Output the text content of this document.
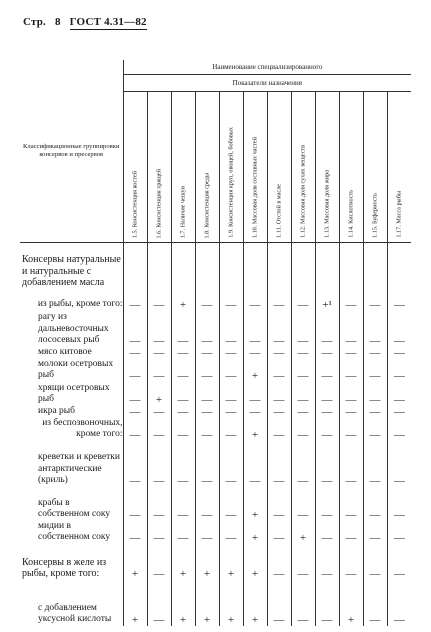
Стр. 8 ГОСТ 4.31—82
Классификационные группировки консервов и пресервов	Наименование специализированного											
	Показатели назначения											

	1.5. Консистенция костей	1.6. Консистенция хрящей	1.7. Наличие чешуи	1.8. Консистенция среды	1.9. Консистенция круп, овощей, бобовых	1.10. Массовая доля составных частей	1.11. Отстой в масле	1.12. Массовая доля сухих веществ	1.13. Массовая доля жира	1.14. Кислотность	1.15. Буферность	1.17. Масса рыбы

Консервы натуральные и натуральные с добавлением масла												
из рыбы, кроме того:	—	—	+	—	—	—	—	—	+¹	—	—	—
рагу из дальневосточных лососевых рыб	—	—	—	—	—	—	—	—	—	—	—	—
мясо китовое	—	—	—	—	—	—	—	—	—	—	—	—
молоки осетровых рыб	—	—	—	—	—	+	—	—	—	—	—	—
хрящи осетровых рыб	—	+	—	—	—	—	—	—	—	—	—	—
икра рыб	—	—	—	—	—	—	—	—	—	—	—	—
из беспозвоночных, кроме того:	—	—	—	—	—	+	—	—	—	—	—	—
креветки и креветки антарктические (криль)	—	—	—	—	—	—	—	—	—	—	—	—
крабы в собственном соку	—	—	—	—	—	+	—	—	—	—	—	—
мидии в собственном соку	—	—	—	—	—	+	—	+	—	—	—	—
Консервы в желе из рыбы, кроме того:	+	—	+	+	+	+	—	—	—	—	—	—
с добавлением уксусной кислоты	+	—	+	+	+	+	—	—	—	+	—	—
